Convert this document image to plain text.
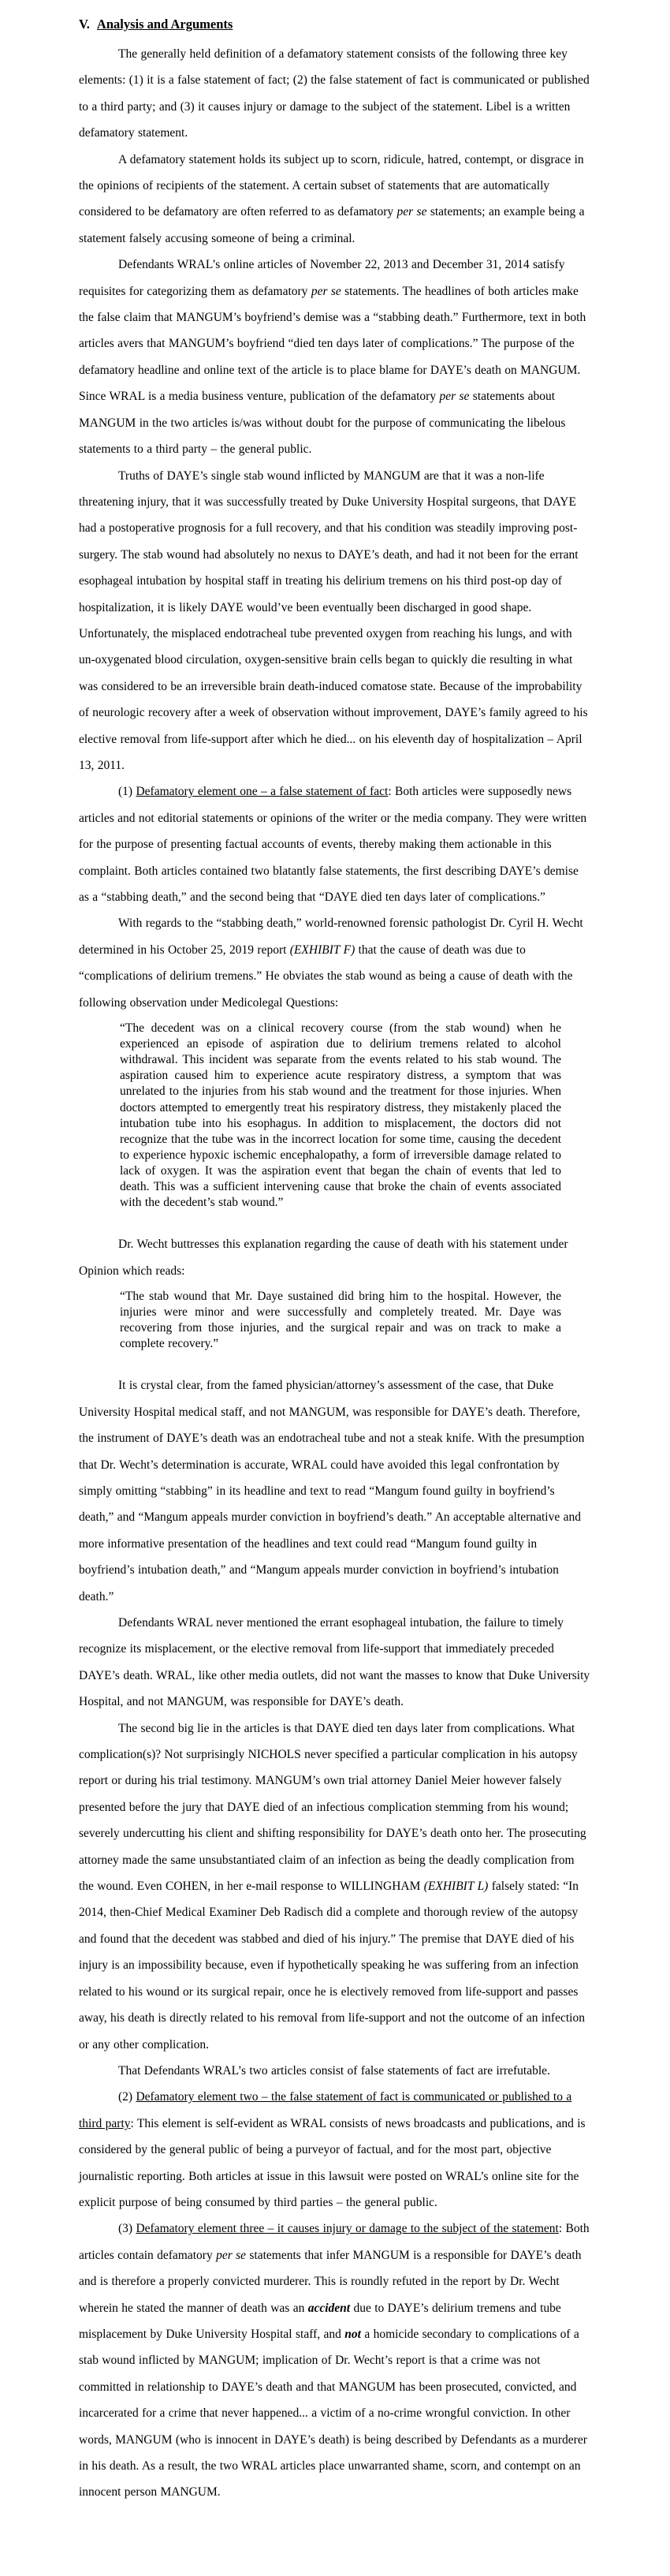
V. Analysis and Arguments

The generally held definition of a defamatory statement consists of the following three key elements: (1) it is a false statement of fact; (2) the false statement of fact is communicated or published to a third party; and (3) it causes injury or damage to the subject of the statement. Libel is a written defamatory statement.

A defamatory statement holds its subject up to scorn, ridicule, hatred, contempt, or disgrace in the opinions of recipients of the statement. A certain subset of statements that are automatically considered to be defamatory are often referred to as defamatory per se statements; an example being a statement falsely accusing someone of being a criminal.

Defendants WRAL’s online articles of November 22, 2013 and December 31, 2014 satisfy requisites for categorizing them as defamatory per se statements. The headlines of both articles make the false claim that MANGUM’s boyfriend’s demise was a “stabbing death.” Furthermore, text in both articles avers that MANGUM’s boyfriend “died ten days later of complications.” The purpose of the defamatory headline and online text of the article is to place blame for DAYE’s death on MANGUM. Since WRAL is a media business venture, publication of the defamatory per se statements about MANGUM in the two articles is/was without doubt for the purpose of communicating the libelous statements to a third party – the general public.

Truths of DAYE’s single stab wound inflicted by MANGUM are that it was a non-life threatening injury, that it was successfully treated by Duke University Hospital surgeons, that DAYE had a postoperative prognosis for a full recovery, and that his condition was steadily improving post-surgery. The stab wound had absolutely no nexus to DAYE’s death, and had it not been for the errant esophageal intubation by hospital staff in treating his delirium tremens on his third post-op day of hospitalization, it is likely DAYE would’ve been eventually been discharged in good shape. Unfortunately, the misplaced endotracheal tube prevented oxygen from reaching his lungs, and with un-oxygenated blood circulation, oxygen-sensitive brain cells began to quickly die resulting in what was considered to be an irreversible brain death-induced comatose state. Because of the improbability of neurologic recovery after a week of observation without improvement, DAYE’s family agreed to his elective removal from life-support after which he died... on his eleventh day of hospitalization – April 13, 2011.

(1) Defamatory element one – a false statement of fact: Both articles were supposedly news articles and not editorial statements or opinions of the writer or the media company. They were written for the purpose of presenting factual accounts of events, thereby making them actionable in this complaint. Both articles contained two blatantly false statements, the first describing DAYE’s demise as a “stabbing death,” and the second being that “DAYE died ten days later of complications.”

With regards to the “stabbing death,” world-renowned forensic pathologist Dr. Cyril H. Wecht determined in his October 25, 2019 report (EXHIBIT F) that the cause of death was due to “complications of delirium tremens.” He obviates the stab wound as being a cause of death with the following observation under Medicolegal Questions:

“The decedent was on a clinical recovery course (from the stab wound) when he experienced an episode of aspiration due to delirium tremens related to alcohol withdrawal. This incident was separate from the events related to his stab wound. The aspiration caused him to experience acute respiratory distress, a symptom that was unrelated to the injuries from his stab wound and the treatment for those injuries. When doctors attempted to emergently treat his respiratory distress, they mistakenly placed the intubation tube into his esophagus. In addition to misplacement, the doctors did not recognize that the tube was in the incorrect location for some time, causing the decedent to experience hypoxic ischemic encephalopathy, a form of irreversible damage related to lack of oxygen. It was the aspiration event that began the chain of events that led to death. This was a sufficient intervening cause that broke the chain of events associated with the decedent’s stab wound.”

Dr. Wecht buttresses this explanation regarding the cause of death with his statement under Opinion which reads:

“The stab wound that Mr. Daye sustained did bring him to the hospital. However, the injuries were minor and were successfully and completely treated. Mr. Daye was recovering from those injuries, and the surgical repair and was on track to make a complete recovery.”

It is crystal clear, from the famed physician/attorney’s assessment of the case, that Duke University Hospital medical staff, and not MANGUM, was responsible for DAYE’s death. Therefore, the instrument of DAYE’s death was an endotracheal tube and not a steak knife. With the presumption that Dr. Wecht’s determination is accurate, WRAL could have avoided this legal confrontation by simply omitting “stabbing” in its headline and text to read “Mangum found guilty in boyfriend’s death,” and “Mangum appeals murder conviction in boyfriend’s death.” An acceptable alternative and more informative presentation of the headlines and text could read “Mangum found guilty in boyfriend’s intubation death,” and “Mangum appeals murder conviction in boyfriend’s intubation death.”

Defendants WRAL never mentioned the errant esophageal intubation, the failure to timely recognize its misplacement, or the elective removal from life-support that immediately preceded DAYE’s death. WRAL, like other media outlets, did not want the masses to know that Duke University Hospital, and not MANGUM, was responsible for DAYE’s death.

The second big lie in the articles is that DAYE died ten days later from complications. What complication(s)? Not surprisingly NICHOLS never specified a particular complication in his autopsy report or during his trial testimony. MANGUM’s own trial attorney Daniel Meier however falsely presented before the jury that DAYE died of an infectious complication stemming from his wound; severely undercutting his client and shifting responsibility for DAYE’s death onto her. The prosecuting attorney made the same unsubstantiated claim of an infection as being the deadly complication from the wound. Even COHEN, in her e-mail response to WILLINGHAM (EXHIBIT L) falsely stated: “In 2014, then-Chief Medical Examiner Deb Radisch did a complete and thorough review of the autopsy and found that the decedent was stabbed and died of his injury.” The premise that DAYE died of his injury is an impossibility because, even if hypothetically speaking he was suffering from an infection related to his wound or its surgical repair, once he is electively removed from life-support and passes away, his death is directly related to his removal from life-support and not the outcome of an infection or any other complication.

That Defendants WRAL’s two articles consist of false statements of fact are irrefutable.

(2) Defamatory element two – the false statement of fact is communicated or published to a third party: This element is self-evident as WRAL consists of news broadcasts and publications, and is considered by the general public of being a purveyor of factual, and for the most part, objective journalistic reporting. Both articles at issue in this lawsuit were posted on WRAL’s online site for the explicit purpose of being consumed by third parties – the general public.

(3) Defamatory element three – it causes injury or damage to the subject of the statement: Both articles contain defamatory per se statements that infer MANGUM is a responsible for DAYE’s death and is therefore a properly convicted murderer. This is roundly refuted in the report by Dr. Wecht wherein he stated the manner of death was an accident due to DAYE’s delirium tremens and tube misplacement by Duke University Hospital staff, and not a homicide secondary to complications of a stab wound inflicted by MANGUM; implication of Dr. Wecht’s report is that a crime was not committed in relationship to DAYE’s death and that MANGUM has been prosecuted, convicted, and incarcerated for a crime that never happened... a victim of a no-crime wrongful conviction. In other words, MANGUM (who is innocent in DAYE’s death) is being described by Defendants as a murderer in his death. As a result, the two WRAL articles place unwarranted shame, scorn, and contempt on an innocent person MANGUM.
